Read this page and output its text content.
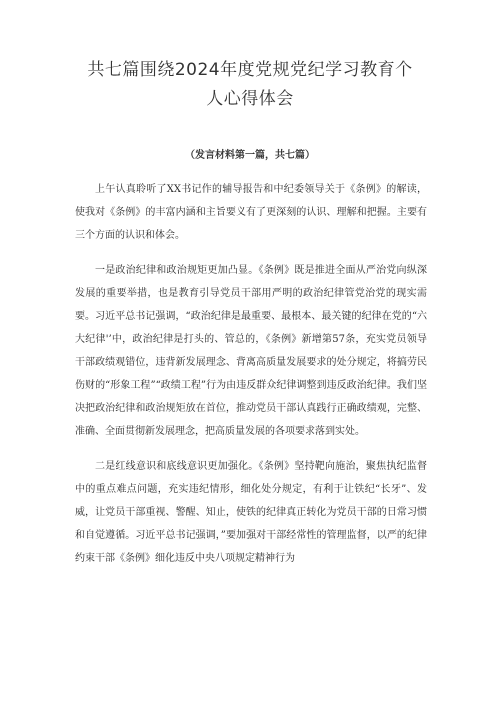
共七篇围绕2024年度党规党纪学习教育个
人心得体会
（发言材料第一篇，共七篇）

上午认真聆听了XX书记作的辅导报告和中纪委领导关于《条例》的解读，使我对《条例》的丰富内涵和主旨要义有了更深刻的认识、理解和把握。主要有三个方面的认识和体会。

一是政治纪律和政治规矩更加凸显。《条例》既是推进全面从严治党向纵深发展的重要举措，也是教育引导党员干部用严明的政治纪律管党治党的现实需要。习近平总书记强调，“政治纪律是最重要、最根本、最关键的纪律在党的“六大纪律'’中，政治纪律是打头的、管总的，《条例》新增第57条，充实党员领导干部政绩观错位，违背新发展理念、背离高质量发展要求的处分规定，将搞劳民伤财的“形象工程”“政绩工程”行为由违反群众纪律调整到违反政治纪律。我们坚决把政治纪律和政治规矩放在首位，推动党员干部认真践行正确政绩观，完整、准确、全面贯彻新发展理念，把高质量发展的各项要求落到实处。

二是红线意识和底线意识更加强化。《条例》坚持靶向施治，聚焦执纪监督中的重点难点问题，充实违纪情形，细化处分规定，有利于让铁纪“长牙”、发威，让党员干部重视、警醒、知止，使铁的纪律真正转化为党员干部的日常习惯和自觉遵循。习近平总书记强调，”要加强对干部经常性的管理监督，以严的纪律约束干部《条例》细化违反中央八项规定精神行为
